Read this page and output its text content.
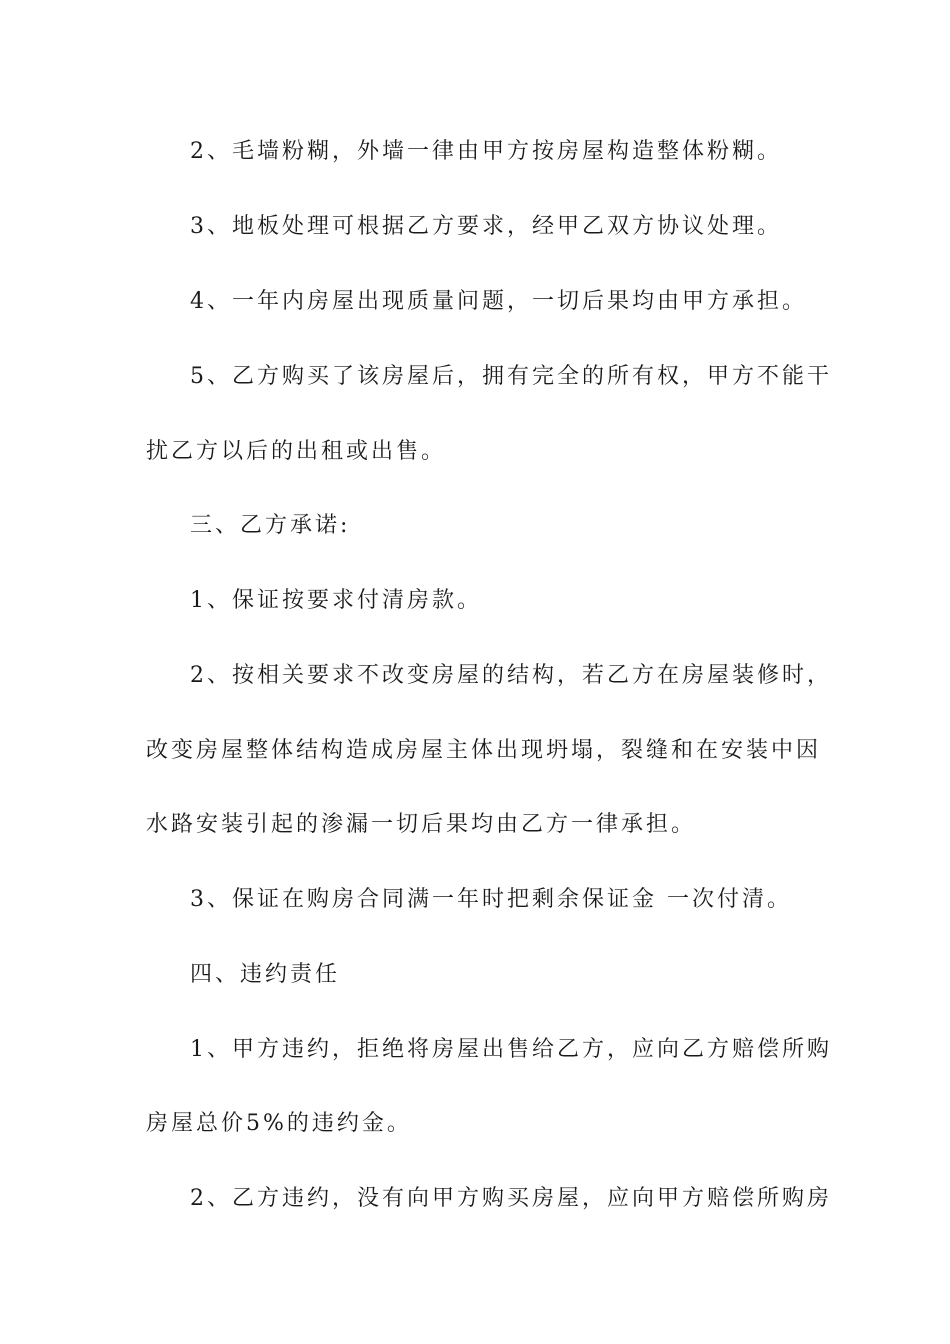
2、毛墙粉糊，外墙一律由甲方按房屋构造整体粉糊。
3、地板处理可根据乙方要求，经甲乙双方协议处理。
4、一年内房屋出现质量问题，一切后果均由甲方承担。
5、乙方购买了该房屋后，拥有完全的所有权，甲方不能干
扰乙方以后的出租或出售。
三、乙方承诺:
1、保证按要求付清房款。
2、按相关要求不改变房屋的结构，若乙方在房屋装修时，
改变房屋整体结构造成房屋主体出现坍塌，裂缝和在安装中因
水路安装引起的渗漏一切后果均由乙方一律承担。
3、保证在购房合同满一年时把剩余保证金 一次付清。
四、违约责任
1、甲方违约，拒绝将房屋出售给乙方，应向乙方赔偿所购
房屋总价5%的违约金。
2、乙方违约，没有向甲方购买房屋，应向甲方赔偿所购房
